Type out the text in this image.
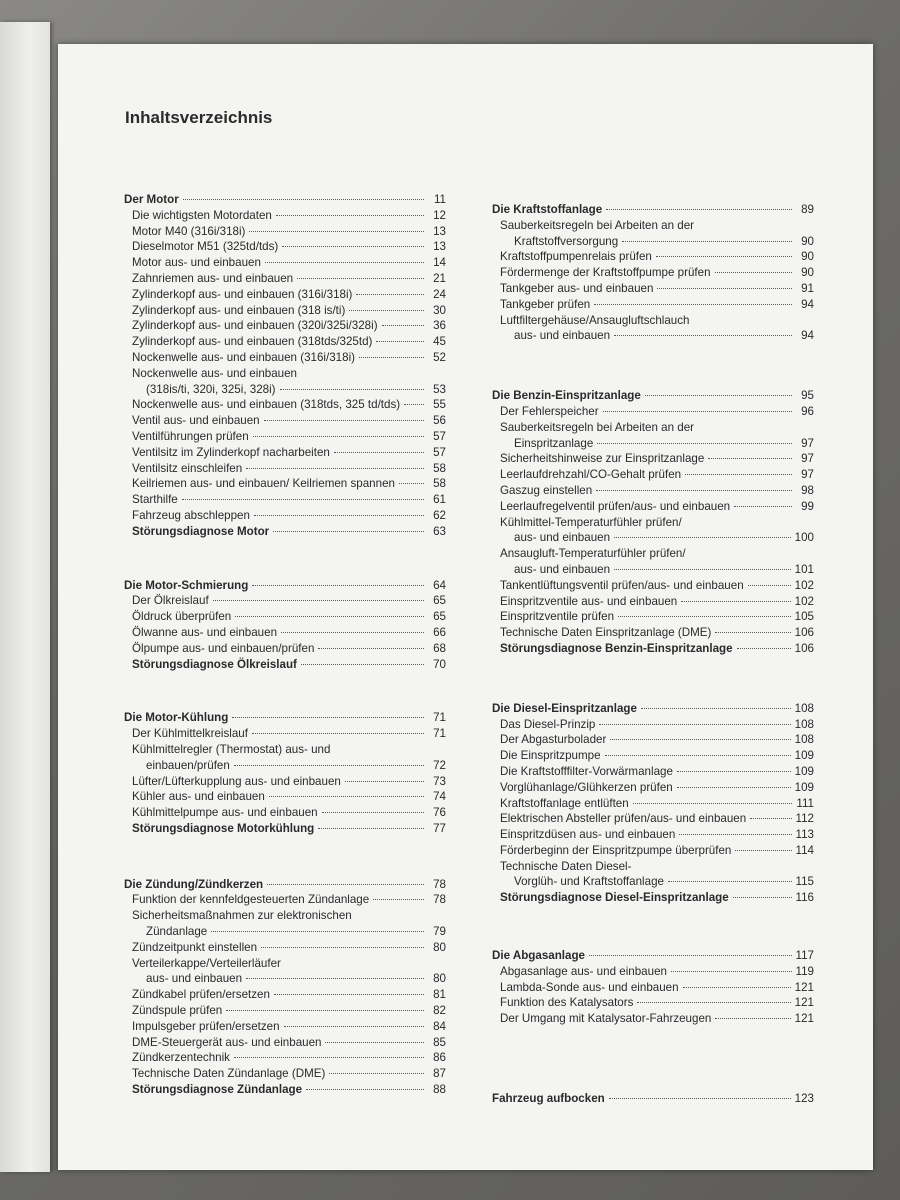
Inhaltsverzeichnis
Der Motor	11
Die wichtigsten Motordaten	12
Motor M40 (316i/318i)	13
Dieselmotor M51 (325td/tds)	13
Motor aus- und einbauen	14
Zahnriemen aus- und einbauen	21
Zylinderkopf aus- und einbauen (316i/318i)	24
Zylinderkopf aus- und einbauen (318 is/ti)	30
Zylinderkopf aus- und einbauen (320i/325i/328i)	36
Zylinderkopf aus- und einbauen (318tds/325td)	45
Nockenwelle aus- und einbauen (316i/318i)	52
Nockenwelle aus- und einbauen
(318is/ti, 320i, 325i, 328i)	53
Nockenwelle aus- und einbauen (318tds, 325 td/tds)	55
Ventil aus- und einbauen	56
Ventilführungen prüfen	57
Ventilsitz im Zylinderkopf nacharbeiten	57
Ventilsitz einschleifen	58
Keilriemen aus- und einbauen/ Keilriemen spannen	58
Starthilfe	61
Fahrzeug abschleppen	62
Störungsdiagnose Motor	63
Die Motor-Schmierung	64
Der Ölkreislauf	65
Öldruck überprüfen	65
Ölwanne aus- und einbauen	66
Ölpumpe aus- und einbauen/prüfen	68
Störungsdiagnose Ölkreislauf	70
Die Motor-Kühlung	71
Der Kühlmittelkreislauf	71
Kühlmittelregler (Thermostat) aus- und
einbauen/prüfen	72
Lüfter/Lüfterkupplung aus- und einbauen	73
Kühler aus- und einbauen	74
Kühlmittelpumpe aus- und einbauen	76
Störungsdiagnose Motorkühlung	77
Die Zündung/Zündkerzen	78
Funktion der kennfeldgesteuerten Zündanlage	78
Sicherheitsmaßnahmen zur elektronischen
Zündanlage	79
Zündzeitpunkt einstellen	80
Verteilerkappe/Verteilerläufer
aus- und einbauen	80
Zündkabel prüfen/ersetzen	81
Zündspule prüfen	82
Impulsgeber prüfen/ersetzen	84
DME-Steuergerät aus- und einbauen	85
Zündkerzentechnik	86
Technische Daten Zündanlage (DME)	87
Störungsdiagnose Zündanlage	88
Die Kraftstoffanlage	89
Sauberkeitsregeln bei Arbeiten an der
Kraftstoffversorgung	90
Kraftstoffpumpenrelais prüfen	90
Fördermenge der Kraftstoffpumpe prüfen	90
Tankgeber aus- und einbauen	91
Tankgeber prüfen	94
Luftfiltergehäuse/Ansaugluftschlauch
aus- und einbauen	94
Die Benzin-Einspritzanlage	95
Der Fehlerspeicher	96
Sauberkeitsregeln bei Arbeiten an der
Einspritzanlage	97
Sicherheitshinweise zur Einspritzanlage	97
Leerlaufdrehzahl/CO-Gehalt prüfen	97
Gaszug einstellen	98
Leerlaufregelventil prüfen/aus- und einbauen	99
Kühlmittel-Temperaturfühler prüfen/
aus- und einbauen	100
Ansaugluft-Temperaturfühler prüfen/
aus- und einbauen	101
Tankentlüftungsventil prüfen/aus- und einbauen	102
Einspritzventile aus- und einbauen	102
Einspritzventile prüfen	105
Technische Daten Einspritzanlage (DME)	106
Störungsdiagnose Benzin-Einspritzanlage	106
Die Diesel-Einspritzanlage	108
Das Diesel-Prinzip	108
Der Abgasturbolader	108
Die Einspritzpumpe	109
Die Kraftstofffilter-Vorwärmanlage	109
Vorglühanlage/Glühkerzen prüfen	109
Kraftstoffanlage entlüften	111
Elektrischen Absteller prüfen/aus- und einbauen	112
Einspritzdüsen aus- und einbauen	113
Förderbeginn der Einspritzpumpe überprüfen	114
Technische Daten Diesel-
Vorglüh- und Kraftstoffanlage	115
Störungsdiagnose Diesel-Einspritzanlage	116
Die Abgasanlage	117
Abgasanlage aus- und einbauen	119
Lambda-Sonde aus- und einbauen	121
Funktion des Katalysators	121
Der Umgang mit Katalysator-Fahrzeugen	121
Fahrzeug aufbocken	123
